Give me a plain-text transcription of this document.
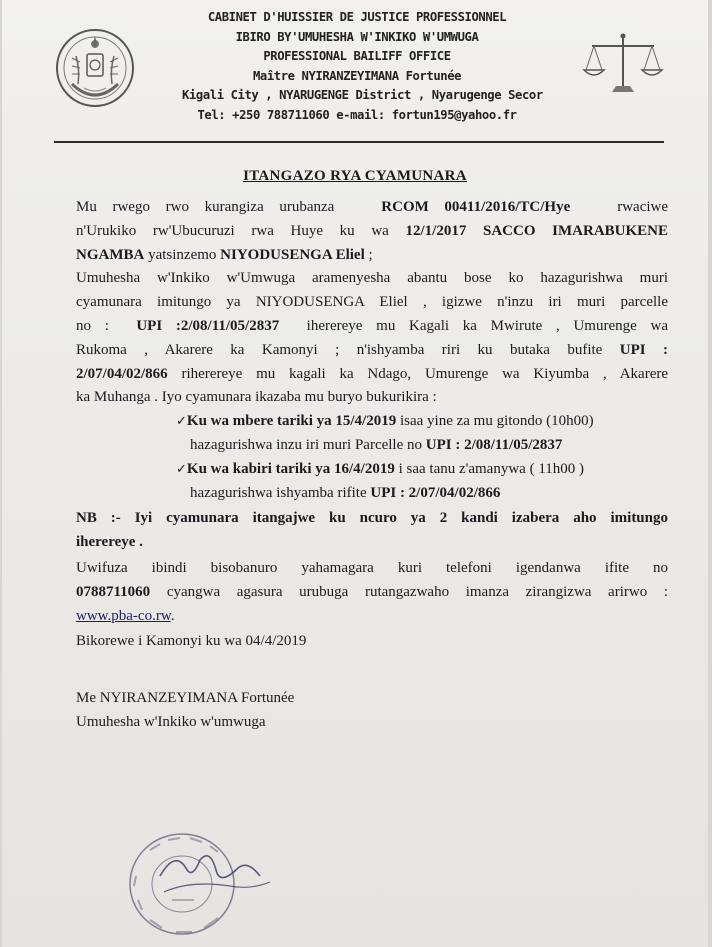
CABINET D'HUISSIER DE JUSTICE PROFESSIONNEL
IBIRO BY'UMUHESHA W'INKIKO W'UMWUGA
PROFESSIONAL BAILIFF OFFICE
Maître NYIRANZEYIMANA Fortunée
Kigali City , NYARUGENGE District , Nyarugenge Secor
Tel: +250 788711060 e-mail: fortun195@yahoo.fr
ITANGAZO RYA CYAMUNARA
Mu rwego rwo kurangiza urubanza	RCOM 00411/2016/TC/Hye	rwaciwe
n'Urukiko rw'Ubucuruzi rwa Huye ku wa 12/1/2017 SACCO IMARABUKENE
NGAMBA yatsinzemo NIYODUSENGA Eliel ;
Umuhesha w'Inkiko w'Umwuga aramenyesha abantu bose ko hazagurishwa muri
cyamunara imitungo ya NIYODUSENGA Eliel , igizwe n'inzu iri muri parcelle
no : UPI :2/08/11/05/2837 iherereye mu Kagali ka Mwirute , Umurenge wa
Rukoma , Akarere ka Kamonyi ; n'ishyamba riri ku butaka bufite UPI :
2/07/04/02/866 riherereye mu kagali ka Ndago, Umurenge wa Kiyumba , Akarere
ka Muhanga . Iyo cyamunara ikazaba mu buryo bukurikira :
✓Ku wa mbere tariki ya 15/4/2019 isaa yine za mu gitondo (10h00)
hazagurishwa inzu iri muri Parcelle no UPI : 2/08/11/05/2837
✓Ku wa kabiri tariki ya 16/4/2019 i saa tanu z'amanywa ( 11h00 )
hazagurishwa ishyamba rifite UPI : 2/07/04/02/866
NB :- Iyi cyamunara itangajwe ku ncuro ya 2 kandi izabera aho imitungo
iherereye .
Uwifuza ibindi bisobanuro yahamagara kuri telefoni igendanwa ifite no
0788711060 cyangwa agasura urubuga rutangazwaho imanza zirangizwa arirwo :
www.pba-co.rw.
Bikorewe i Kamonyi ku wa 04/4/2019
Me NYIRANZEYIMANA Fortunée
Umuhesha w'Inkiko w'umwuga
